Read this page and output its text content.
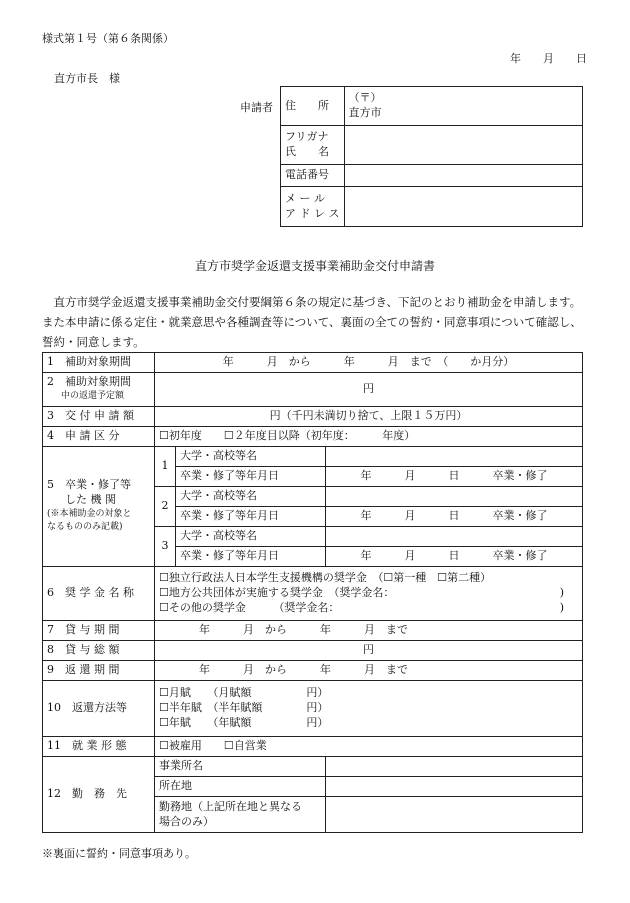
様式第１号（第６条関係）
年　　月　　日
直方市長　様
申請者 住　　所	（〒）
直方市

フリガナ
氏　　名	

電話番号	

メ ー ル
ア ド レ ス	

直方市奨学金返還支援事業補助金交付申請書
直方市奨学金返還支援事業補助金交付要綱第６条の規定に基づき、下記のとおり補助金を申請します。また本申請に係る定住・就業意思や各種調査等について、裏面の全ての誓約・同意事項について確認し、誓約・同意します。
1　補助対象期間	年　　　月　から　　　年　　　月　まで　（　　か月分）		

2　補助対象期間
中の返還予定額	円		
3　交 付 申 請 額	円（千円未満切り捨て、上限１５万円）		
4　申 請 区 分	☐初年度　　☐２年度目以降（初年度：　　　年度）		

5　卒業・修了等
した 機 関
(※本補助金の対象と
なるもののみ記載)	1	大学・高校等名	
		卒業・修了等年月日	年　　　月　　　日　　　卒業・修了
	2	大学・高校等名	
		卒業・修了等年月日	年　　　月　　　日　　　卒業・修了
	3	大学・高校等名	
		卒業・修了等年月日	年　　　月　　　日　　　卒業・修了
6　奨 学 金 名 称	☐独立行政法人日本学生支援機構の奨学金　（☐第一種　☐第二種）
☐地方公共団体が実施する奨学金　（奨学金名： )
☐その他の奨学金　　　（奨学金名： )		

7　貸 与 期 間	年　　　月　から　　　年　　　月　まで		
8　貸 与 総 額	円		
9　返 還 期 間	年　　　月　から　　　年　　　月　まで		
10　返還方法等	☐月賦　　（月賦額　　　　　円）
☐半年賦　（半年賦額　　　　円）
☐年賦　　（年賦額　　　　　円）		

11　就 業 形 態	☐被雇用　　☐自営業		
12　勤　務　先	事業所名		
	所在地		

	勤務地（上記所在地と異なる
場合のみ）		

※裏面に誓約・同意事項あり。
